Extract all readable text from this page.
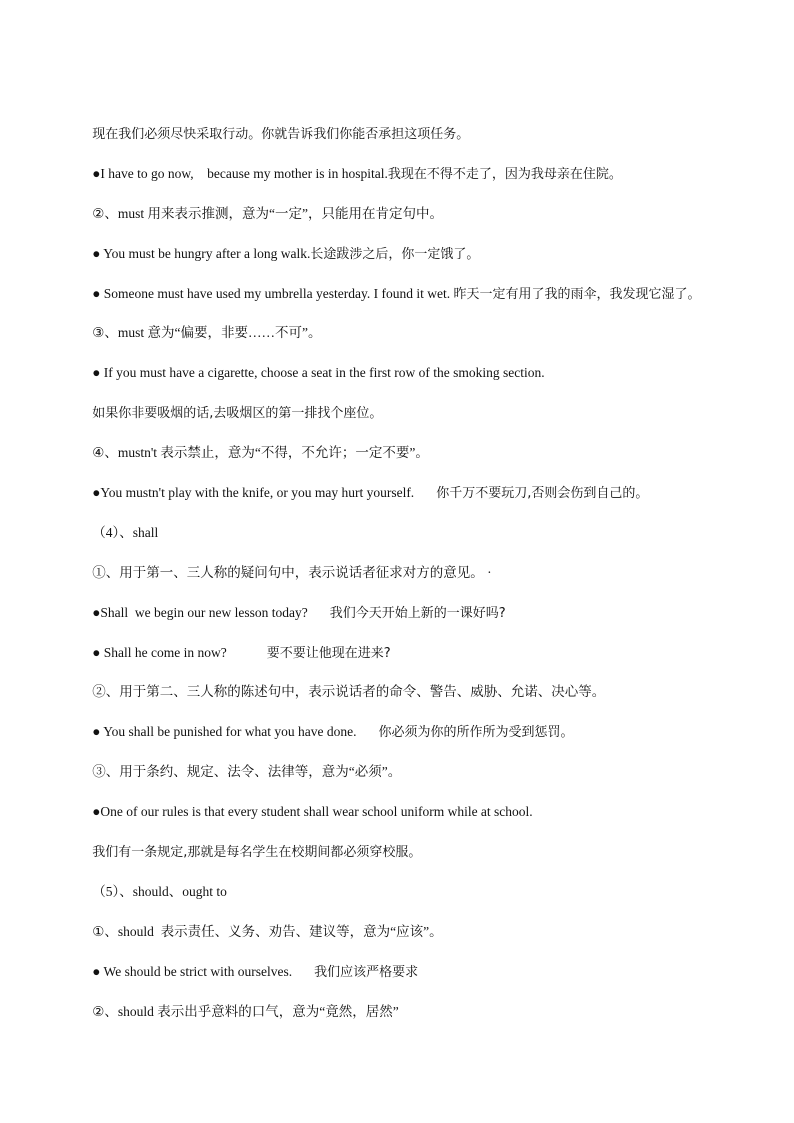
现在我们必须尽快采取行动。你就告诉我们你能否承担这项任务。

●I have to go now,    because my mother is in hospital.我现在不得不走了，因为我母亲在住院。

②、must 用来表示推测，意为“一定”，只能用在肯定句中。

● You must be hungry after a long walk.长途跋涉之后，你一定饿了。

● Someone must have used my umbrella yesterday. I found it wet. 昨天一定有用了我的雨伞，我发现它湿了。

③、must 意为“偏要，非要……不可”。

● If you must have a cigarette, choose a seat in the first row of the smoking section.

如果你非要吸烟的话,去吸烟区的第一排找个座位。

④、mustn't 表示禁止，意为“不得，不允许；一定不要”。

●You mustn't play with the knife, or you may hurt yourself. 你千万不要玩刀,否则会伤到自己的。

（4）、shall

①、用于第一、三人称的疑问句中，表示说话者征求对方的意见。 ·

●Shall  we begin our new lesson today? 我们今天开始上新的一课好吗?

● Shall he come in now?	要不要让他现在进来?

②、用于第二、三人称的陈述句中，表示说话者的命令、警告、威胁、允诺、决心等。

● You shall be punished for what you have done. 你必须为你的所作所为受到惩罚。

③、用于条约、规定、法令、法律等，意为“必须”。

●One of our rules is that every student shall wear school uniform while at school.

我们有一条规定,那就是每名学生在校期间都必须穿校服。

（5）、should、ought to

①、should  表示责任、义务、劝告、建议等，意为“应该”。

● We should be strict with ourselves. 我们应该严格要求

②、should 表示出乎意料的口气，意为“竟然，居然”
